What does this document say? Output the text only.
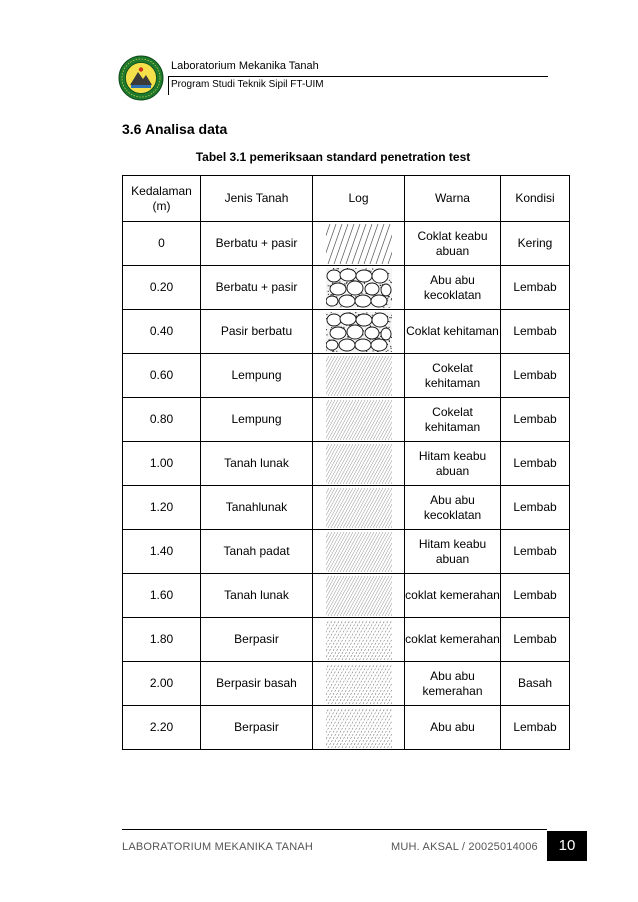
Laboratorium Mekanika Tanah
Program Studi Teknik Sipil FT-UIM
3.6 Analisa data
Tabel 3.1 pemeriksaan standard penetration test
Kedalaman (m)	Jenis Tanah	Log	Warna	Kondisi
0	Berbatu + pasir		Coklat keabu abuan	Kering
0.20	Berbatu + pasir		Abu abu kecoklatan	Lembab
0.40	Pasir berbatu		Coklat kehitaman	Lembab
0.60	Lempung		Cokelat kehitaman	Lembab
0.80	Lempung		Cokelat kehitaman	Lembab
1.00	Tanah lunak		Hitam keabu abuan	Lembab
1.20	Tanahlunak		Abu abu kecoklatan	Lembab
1.40	Tanah padat		Hitam keabu abuan	Lembab
1.60	Tanah lunak		coklat kemerahan	Lembab
1.80	Berpasir		coklat kemerahan	Lembab
2.00	Berpasir basah		Abu abu kemerahan	Basah
2.20	Berpasir		Abu abu	Lembab
LABORATORIUM MEKANIKA TANAH	MUH. AKSAL / 20025014006	10
